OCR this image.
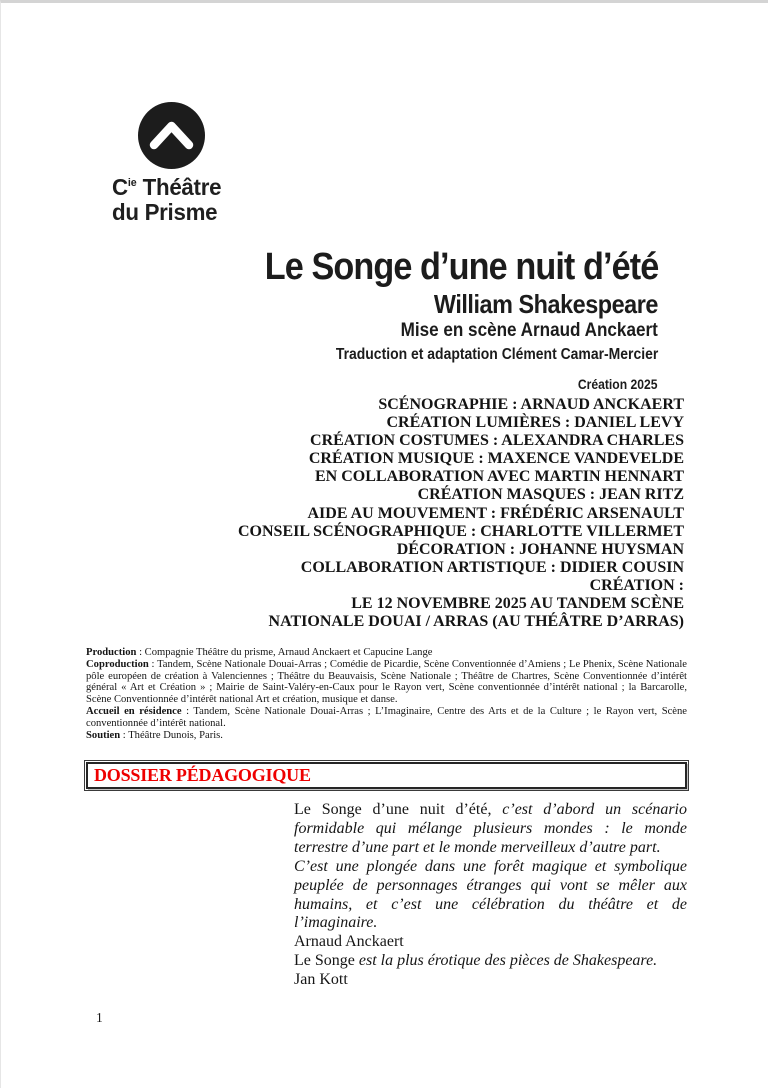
$C^{ie}$ Théâtre
du Prisme
Le Songe d’une nuit d’été
William Shakespeare
Mise en scène Arnaud Anckaert
Traduction et adaptation Clément Camar-Mercier
Création 2025
SCÉNOGRAPHIE : ARNAUD ANCKAERT
CRÉATION LUMIÈRES : DANIEL LEVY
CRÉATION COSTUMES : ALEXANDRA CHARLES
CRÉATION MUSIQUE : MAXENCE VANDEVELDE
EN COLLABORATION AVEC MARTIN HENNART
CRÉATION MASQUES : JEAN RITZ
AIDE AU MOUVEMENT : FRÉDÉRIC ARSENAULT
CONSEIL SCÉNOGRAPHIQUE : CHARLOTTE VILLERMET
DÉCORATION : JOHANNE HUYSMAN
COLLABORATION ARTISTIQUE : DIDIER COUSIN
CRÉATION :
LE 12 NOVEMBRE 2025 AU TANDEM SCÈNE
NATIONALE DOUAI / ARRAS (AU THÉÂTRE D’ARRAS)

Production : Compagnie Théâtre du prisme, Arnaud Anckaert et Capucine Lange

Coproduction : Tandem, Scène Nationale Douai-Arras ; Comédie de Picardie, Scène Conventionnée d’Amiens ; Le Phenix, Scène Nationale pôle européen de création à Valenciennes ; Théâtre du Beauvaisis, Scène Nationale ; Théâtre de Chartres, Scène Conventionnée d’intérêt général « Art et Création » ; Mairie de Saint-Valéry-en-Caux pour le Rayon vert, Scène conventionnée d’intérêt national ; la Barcarolle, Scène Conventionnée d’intérêt national Art et création, musique et danse.

Accueil en résidence : Tandem, Scène Nationale Douai-Arras ; L’Imaginaire, Centre des Arts et de la Culture ; le Rayon vert, Scène conventionnée d’intérêt national.

Soutien : Théâtre Dunois, Paris.

DOSSIER PÉDAGOGIQUE

Le Songe d’une nuit d’été, c’est d’abord un scénario formidable qui mélange plusieurs mondes : le monde terrestre d’une part et le monde merveilleux d’autre part.

C’est une plongée dans une forêt magique et symbolique peuplée de personnages étranges qui vont se mêler aux humains, et c’est une célébration du théâtre et de l’imaginaire.

Arnaud Anckaert

Le Songe est la plus érotique des pièces de Shakespeare.

Jan Kott

1
